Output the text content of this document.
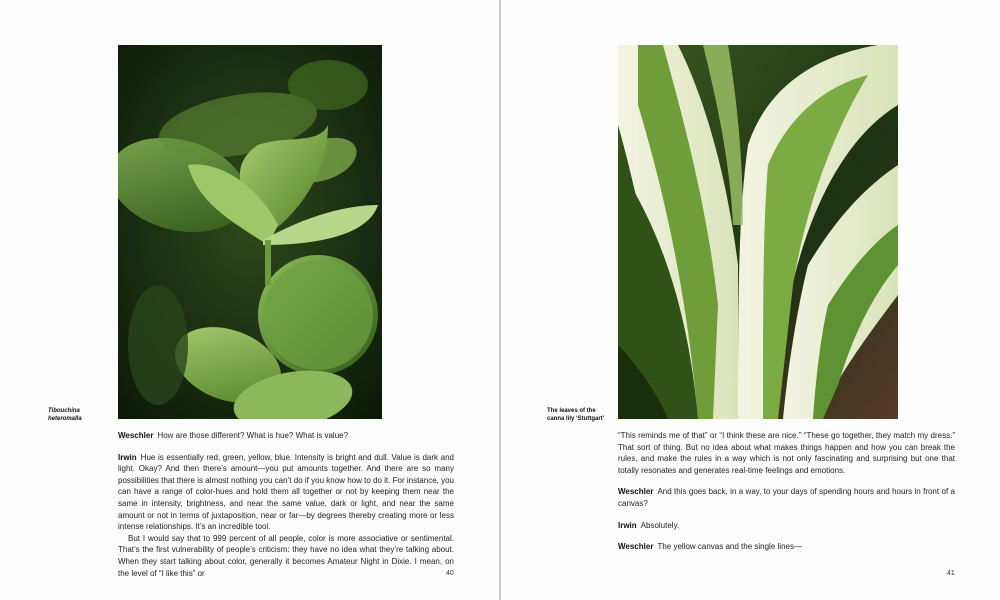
Tibouchina
heteromalla

Weschler How are those different? What is hue? What is value?

Irwin Hue is essentially red, green, yellow, blue. Intensity is bright and dull. Value is dark and light. Okay? And then there’s amount—you put amounts together. And there are so many possibilities that there is almost nothing you can’t do if you know how to do it. For instance, you can have a range of color-hues and hold them all together or not by keeping them near the same in intensity, brightness, and near the same value, dark or light, and near the same amount or not in terms of juxtaposition, near or far—by degrees thereby creating more or less intense relationships. It’s an incredible tool.

But I would say that to 999 percent of all people, color is more associative or sentimental. That’s the first vulnerability of people’s criticism: they have no idea what they’re talking about. When they start talking about color, generally it becomes Amateur Night in Dixie. I mean, on the level of “I like this” or	40
The leaves of the
canna lily ‘Stuttgart’

“This reminds me of that” or “I think these are nice.” “These go together, they match my dress.” That sort of thing. But no idea about what makes things happen and how you can break the rules, and make the rules in a way which is not only fascinating and surprising but one that totally resonates and generates real-time feelings and emotions.

Weschler And this goes back, in a way, to your days of spending hours and hours in front of a canvas?

Irwin Absolutely.

Weschler The yellow canvas and the single lines—

41
